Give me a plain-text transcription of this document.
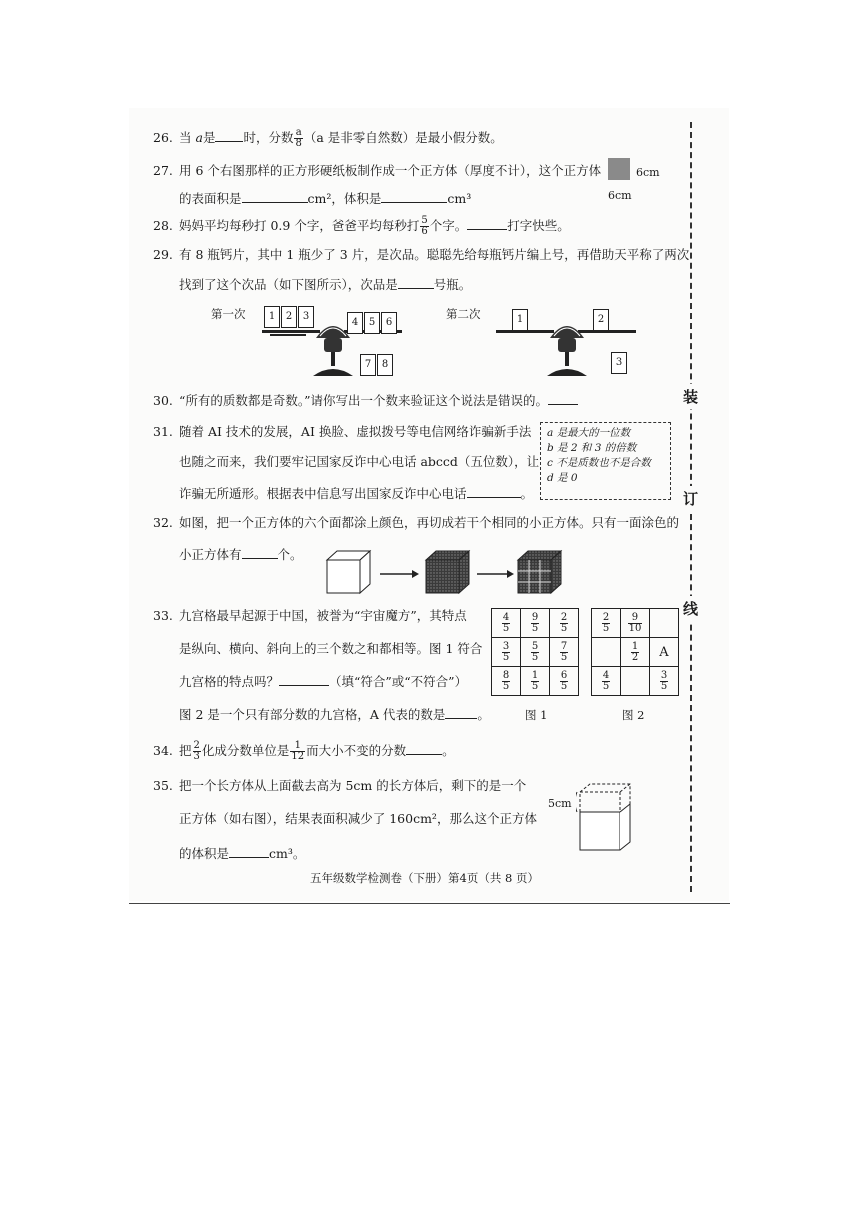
装
订
线
26. 当 a是 时，分数 $\frac{a}{8} (a$ 是非零自然数）是最小假分数。
27. 用 6 个右图那样的正方形硬纸板制作成一个正方体（厚度不计），这个正方体
的表面积是	cm²，体积是	cm³
6cm
6cm
28. 妈妈平均每秒打 0.9 个字，爸爸平均每秒打 $\frac{5}{6}$ 个字。	打字快些。
29. 有 8 瓶钙片，其中 1 瓶少了 3 片，是次品。聪聪先给每瓶钙片编上号，再借助天平称了两次
找到了这个次品（如下图所示），次品是	号瓶。
第一次	第二次
1	2	3
4	5	6
7	8
1	2
3
30. “所有的质数都是奇数。”请你写出一个数来验证这个说法是错误的。
31. 随着 AI 技术的发展，AI 换脸、虚拟拨号等电信网络诈骗新手法
也随之而来，我们要牢记国家反诈中心电话 abccd（五位数），让
诈骗无所遁形。根据表中信息写出国家反诈中心电话	。
a 是最大的一位数
b 是 2 和 3 的倍数
c 不是质数也不是合数
d 是 0
32. 如图，把一个正方体的六个面都涂上颜色，再切成若干个相同的小正方体。只有一面涂色的
小正方体有	个。
33. 九宫格最早起源于中国，被誉为“宇宙魔方”，其特点
是纵向、横向、斜向上的三个数之和都相等。图 1 符合
九宫格的特点吗？	（填“符合”或“不符合”）
图 2 是一个只有部分数的九宫格，A 代表的数是	。
$\frac{4}{5}$	$\frac{9}{5}$	$\frac{2}{5}$

$\frac{3}{5}$	$\frac{5}{5}$	$\frac{7}{5}$

$\frac{8}{5}$	$\frac{1}{5}$	$\frac{6}{5}$
图 1
$\frac{2}{5}$	$\frac{9}{10}$

	$\frac{1}{2}$	A

$\frac{4}{5}$		$\frac{3}{5}$
图 2
34. 把 $\frac{2}{3}$ 化成分数单位是 $\frac{1}{12}$ 而大小不变的分数	。
35. 把一个长方体从上面截去高为 5cm 的长方体后，剩下的是一个
正方体（如右图），结果表面积减少了 160cm²，那么这个正方体
的体积是	cm³。
5cm
五年级数学检测卷（下册）第4页（共 8 页）
